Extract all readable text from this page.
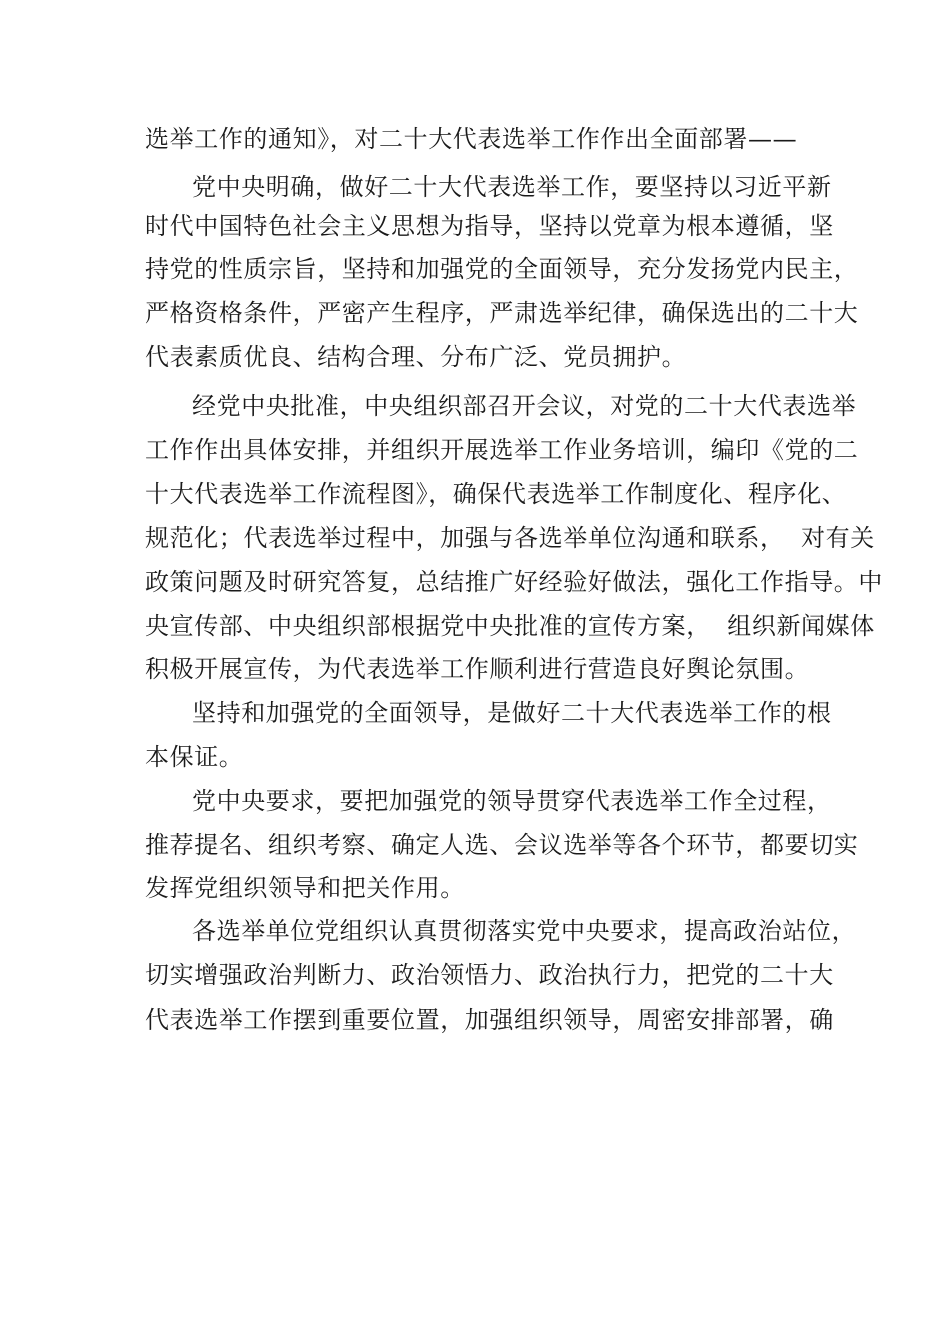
选举工作的通知》，对二十大代表选举工作作出全面部署——
党中央明确，做好二十大代表选举工作，要坚持以习近平新
时代中国特色社会主义思想为指导，坚持以党章为根本遵循，坚
持党的性质宗旨，坚持和加强党的全面领导，充分发扬党内民主，
严格资格条件，严密产生程序，严肃选举纪律，确保选出的二十大
代表素质优良、结构合理、分布广泛、党员拥护。
经党中央批准，中央组织部召开会议，对党的二十大代表选举
工作作出具体安排，并组织开展选举工作业务培训，编印《党的二
十大代表选举工作流程图》，确保代表选举工作制度化、程序化、
规范化；代表选举过程中，加强与各选举单位沟通和联系，  对有关
政策问题及时研究答复，总结推广好经验好做法，强化工作指导。中
央宣传部、中央组织部根据党中央批准的宣传方案，  组织新闻媒体
积极开展宣传，为代表选举工作顺利进行营造良好舆论氛围。
坚持和加强党的全面领导，是做好二十大代表选举工作的根
本保证。
党中央要求，要把加强党的领导贯穿代表选举工作全过程，
推荐提名、组织考察、确定人选、会议选举等各个环节，都要切实
发挥党组织领导和把关作用。
各选举单位党组织认真贯彻落实党中央要求，提高政治站位，
切实增强政治判断力、政治领悟力、政治执行力，把党的二十大
代表选举工作摆到重要位置，加强组织领导，周密安排部署，确
